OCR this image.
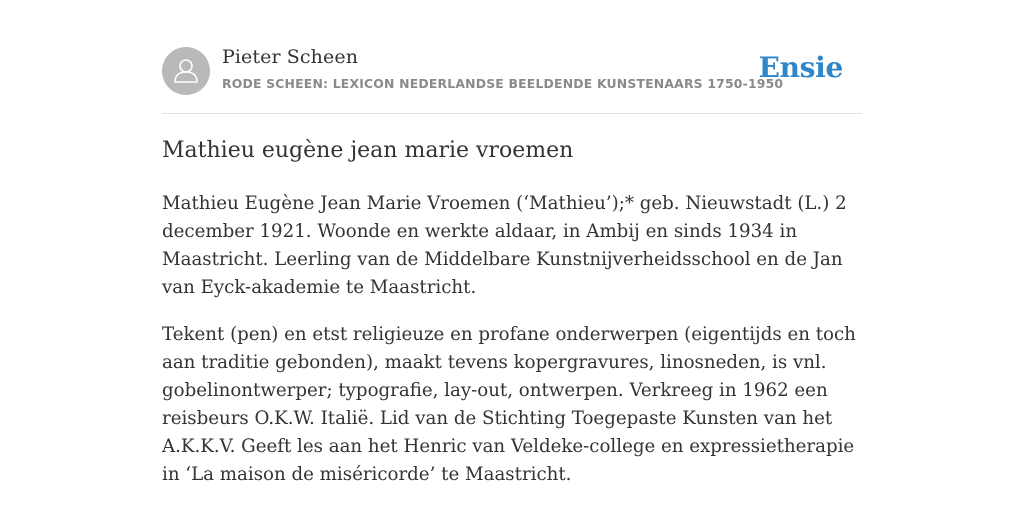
Pieter Scheen
RODE SCHEEN: LEXICON NEDERLANDSE BEELDENDE KUNSTENAARS 1750-1950
Ensie
Mathieu eugène jean marie vroemen

Mathieu Eugène Jean Marie Vroemen (‘Mathieu’);* geb. Nieuwstadt (L.) 2 december 1921. Woonde en werkte aldaar, in Ambij en sinds 1934 in Maastricht. Leerling van de Middelbare Kunstnijverheidsschool en de Jan van Eyck-akademie te Maastricht.

Tekent (pen) en etst religieuze en profane onderwerpen (eigentijds en toch aan traditie gebonden), maakt tevens kopergravures, linosneden, is vnl. gobelinontwerper; typografie, lay-out, ontwerpen. Verkreeg in 1962 een reisbeurs O.K.W. Italië. Lid van de Stichting Toegepaste Kunsten van het A.K.K.V. Geeft les aan het Henric van Veldeke-college en expressietherapie in ‘La maison de miséricorde’ te Maastricht.
